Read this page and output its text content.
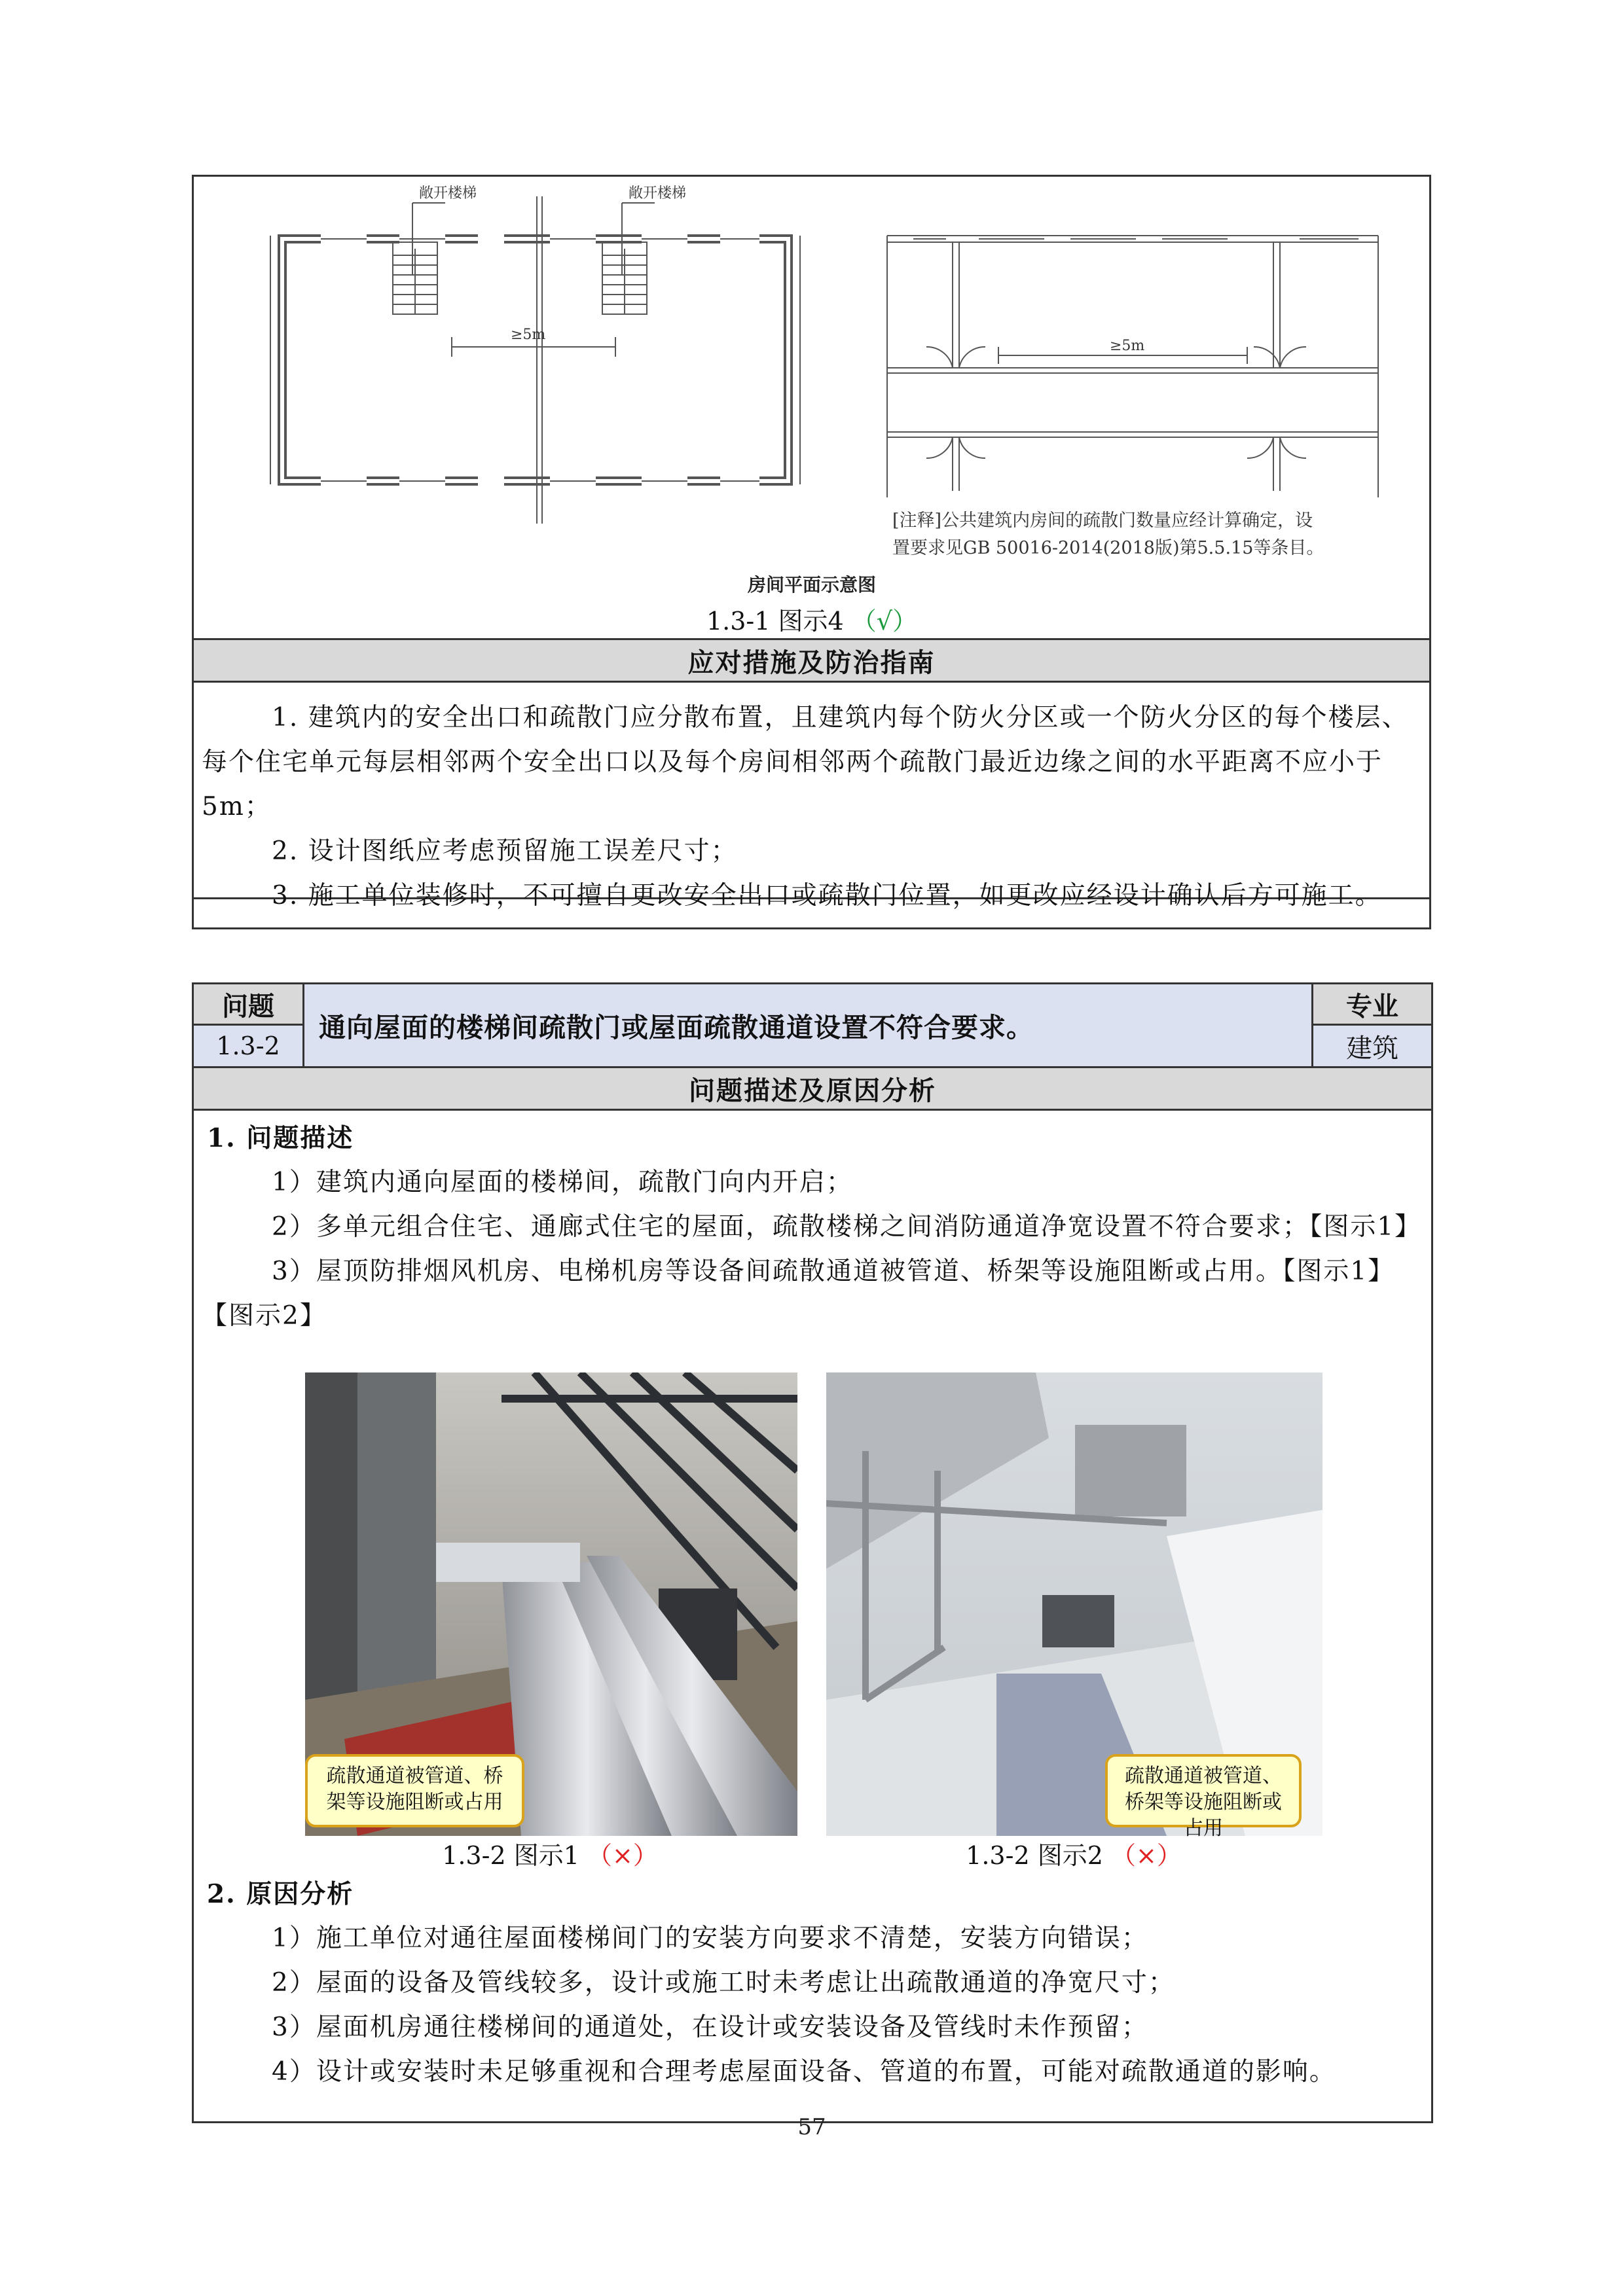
敞开楼梯	敞开楼梯
≥5m
≥5m
[注释]公共建筑内房间的疏散门数量应经计算确定，设
置要求见GB 50016-2014(2018版)第5.5.15等条目。
房间平面示意图
1.3-1 图示4 （√）
应对措施及防治指南

1. 建筑内的安全出口和疏散门应分散布置，且建筑内每个防火分区或一个防火分区的每个楼层、每个住宅单元每层相邻两个安全出口以及每个房间相邻两个疏散门最近边缘之间的水平距离不应小于5m；

2. 设计图纸应考虑预留施工误差尺寸；

3. 施工单位装修时，不可擅自更改安全出口或疏散门位置，如更改应经设计确认后方可施工。

问题	通向屋面的楼梯间疏散门或屋面疏散通道设置不符合要求。	专业
1.3-2		建筑
问题描述及原因分析		

1. 问题描述

1）建筑内通向屋面的楼梯间，疏散门向内开启；

2）多单元组合住宅、通廊式住宅的屋面，疏散楼梯之间消防通道净宽设置不符合要求；【图示1】

3）屋顶防排烟风机房、电梯机房等设备间疏散通道被管道、桥架等设施阻断或占用。【图示1】【图示2】		

疏散通道被管道、桥架等设施阻断或占用
疏散通道被管道、桥架等设施阻断或占用
1.3-2 图示1 （×）	1.3-2 图示2 （×）

2. 原因分析

1）施工单位对通往屋面楼梯间门的安装方向要求不清楚，安装方向错误；

2）屋面的设备及管线较多，设计或施工时未考虑让出疏散通道的净宽尺寸；

3）屋面机房通往楼梯间的通道处，在设计或安装设备及管线时未作预留；

4）设计或安装时未足够重视和合理考虑屋面设备、管道的布置，可能对疏散通道的影响。

57
